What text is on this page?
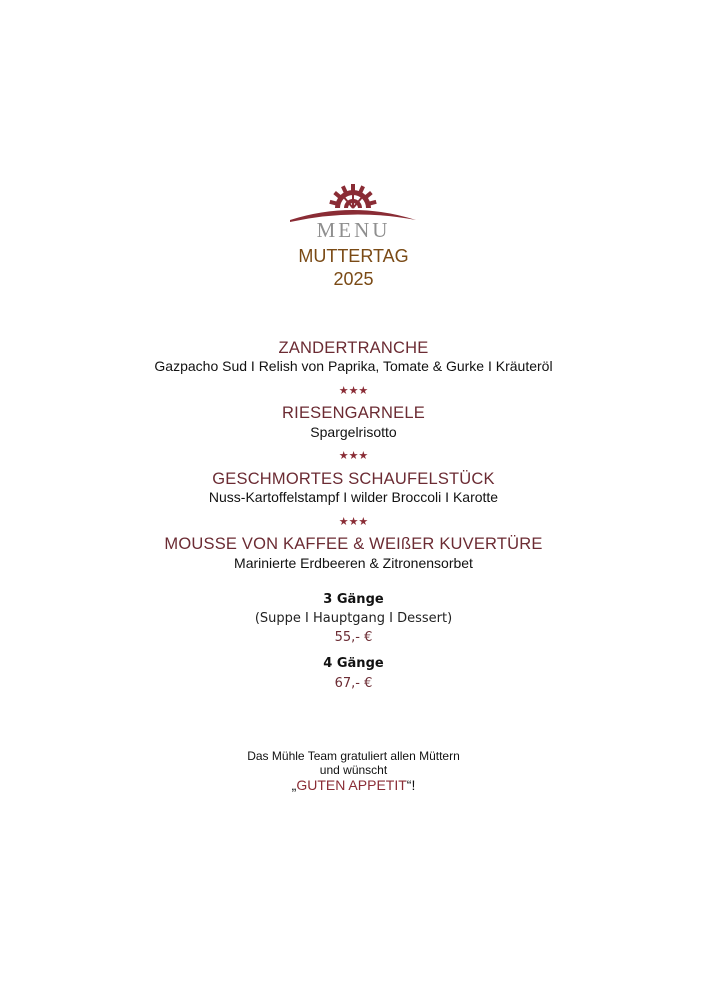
MENU
MUTTERTAG
2025
ZANDERTRANCHE
Gazpacho Sud I Relish von Paprika, Tomate & Gurke I Kräuteröl
★★★
RIESENGARNELE
Spargelrisotto
★★★
GESCHMORTES SCHAUFELSTÜCK
Nuss-Kartoffelstampf I wilder Broccoli I Karotte
★★★
MOUSSE VON KAFFEE & WEIßER KUVERTÜRE
Marinierte Erdbeeren & Zitronensorbet
3 Gänge
(Suppe I Hauptgang I Dessert)
55,- €
4 Gänge
67,- €
Das Mühle Team gratuliert allen Müttern
und wünscht
„GUTEN APPETIT“!
